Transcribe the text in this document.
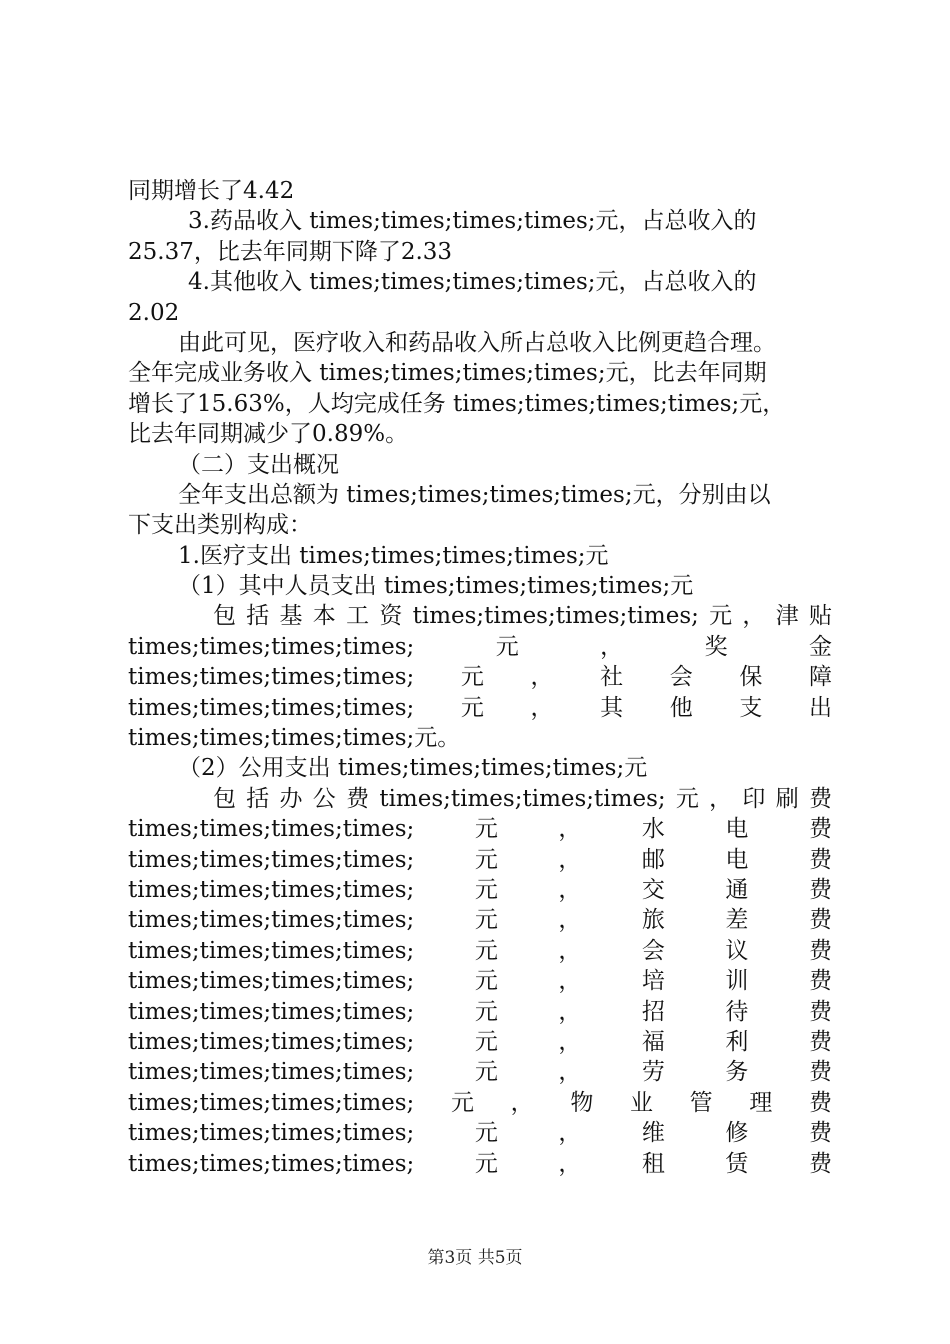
同期增长了4.42
3.药品收入 times;times;times;times;元，占总收入的
25.37，比去年同期下降了2.33
4.其他收入 times;times;times;times;元，占总收入的
2.02
由此可见，医疗收入和药品收入所占总收入比例更趋合理。
全年完成业务收入 times;times;times;times;元，比去年同期
增长了15.63%，人均完成任务 times;times;times;times;元，
比去年同期减少了0.89%。
（二）支出概况
全年支出总额为 times;times;times;times;元，分别由以
下支出类别构成：
1.医疗支出 times;times;times;times;元
（1）其中人员支出 times;times;times;times;元
包 括 基 本 工 资 times;times;times;times; 元 ， 津 贴
times;times;times;times;	元	，	奖	金
times;times;times;times; 元 ， 社 会 保 障
times;times;times;times; 元 ， 其 他 支 出
times;times;times;times;元。
（2）公用支出 times;times;times;times;元
包 括 办 公 费 times;times;times;times; 元 ， 印 刷 费
times;times;times;times;	元	，	水	电	费
times;times;times;times;	元	，	邮	电	费
times;times;times;times;	元	，	交	通	费
times;times;times;times;	元	，	旅	差	费
times;times;times;times;	元	，	会	议	费
times;times;times;times;	元	，	培	训	费
times;times;times;times;	元	，	招	待	费
times;times;times;times;	元	，	福	利	费
times;times;times;times;	元	，	劳	务	费
times;times;times;times; 元 ， 物 业 管 理 费
times;times;times;times;	元	，	维	修	费
times;times;times;times;	元	，	租	赁	费
第3页 共5页
